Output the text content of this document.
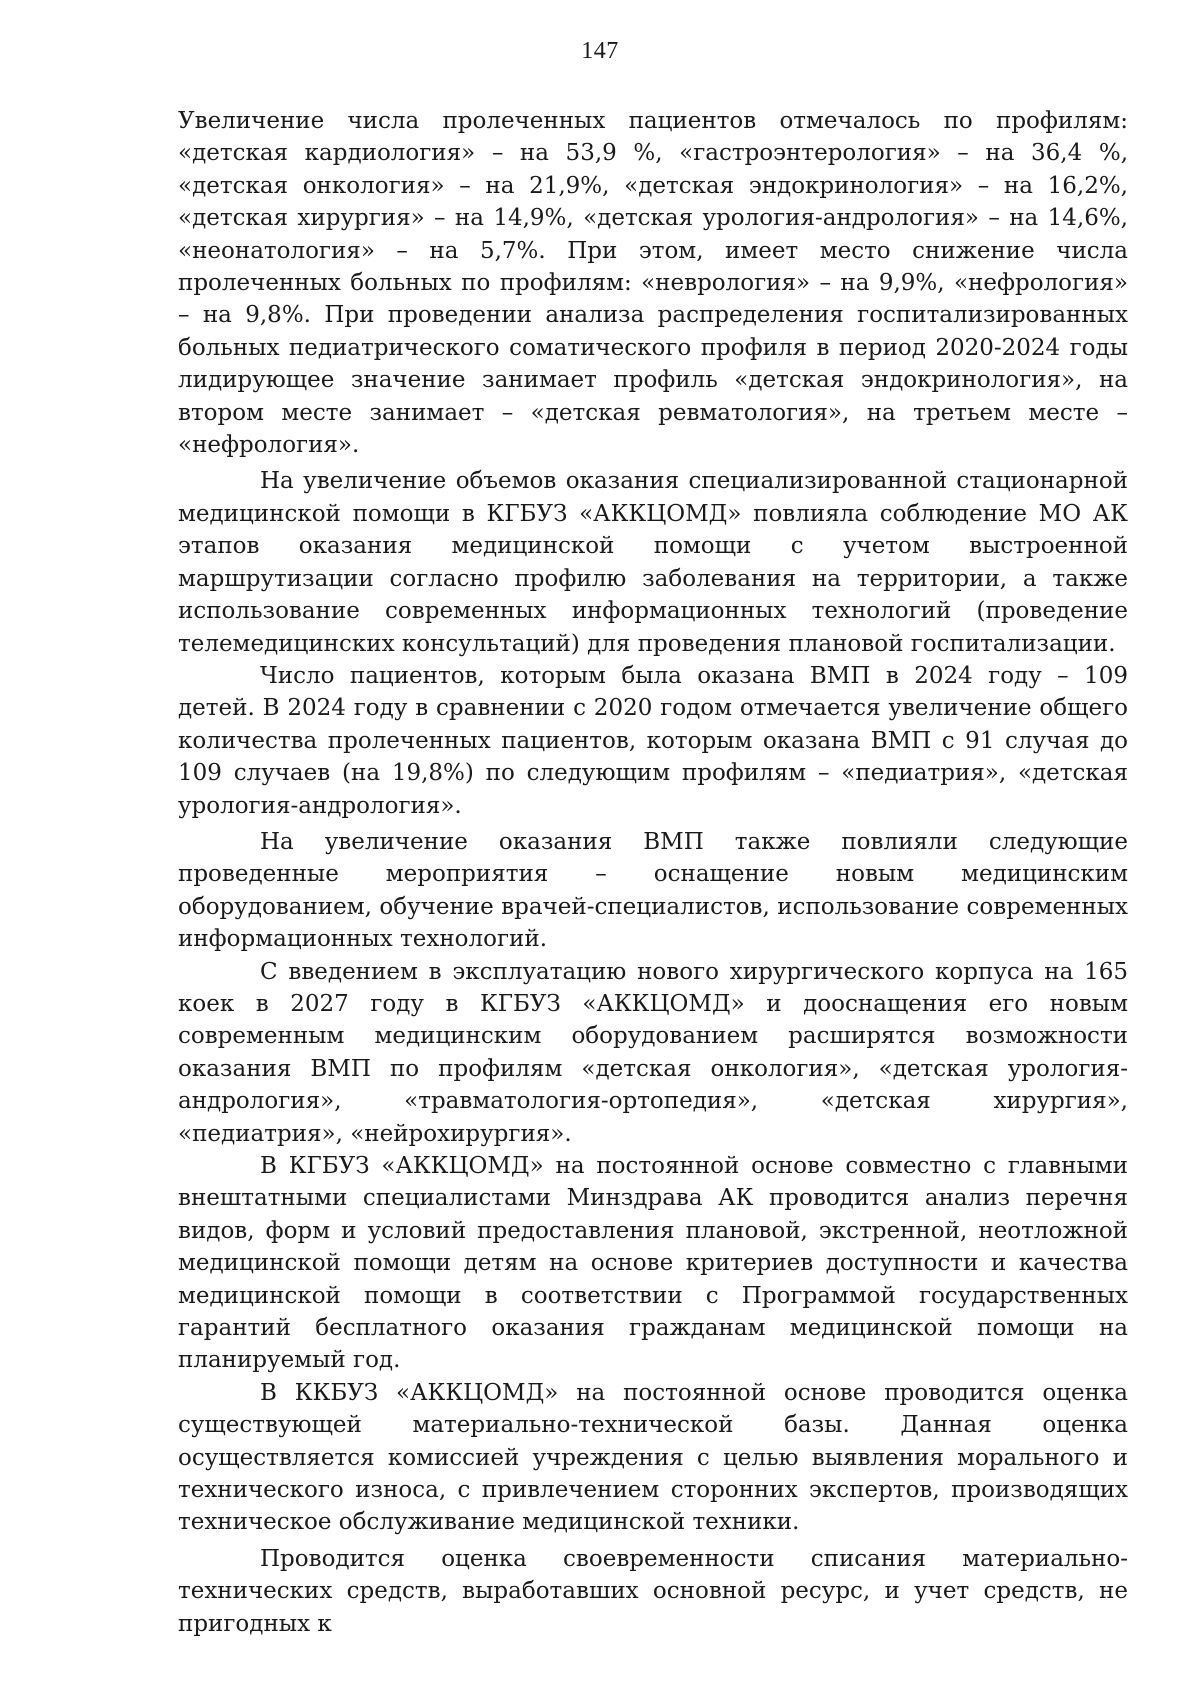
147

Увеличение числа пролеченных пациентов отмечалось по профилям: «детская кардиология» – на 53,9 %, «гастроэнтерология» – на 36,4 %, «детская онкология» – на 21,9%, «детская эндокринология» – на 16,2%, «детская хирургия» – на 14,9%, «детская урология-андрология» – на 14,6%, «неонатология» – на 5,7%. При этом, имеет место снижение числа пролеченных больных по профилям: «неврология» – на 9,9%, «нефрология» – на 9,8%. При проведении анализа распределения госпитализированных больных педиатрического соматического профиля в период 2020-2024 годы лидирующее значение занимает профиль «детская эндокринология», на втором месте занимает – «детская ревматология», на третьем месте – «нефрология».

На увеличение объемов оказания специализированной стационарной медицинской помощи в КГБУЗ «АККЦОМД» повлияла соблюдение МО АК этапов оказания медицинской помощи с учетом выстроенной маршрутизации согласно профилю заболевания на территории, а также использование современных информационных технологий (проведение телемедицинских консультаций) для проведения плановой госпитализации.

Число пациентов, которым была оказана ВМП в 2024 году – 109 детей. В 2024 году в сравнении с 2020 годом отмечается увеличение общего количества пролеченных пациентов, которым оказана ВМП с 91 случая до 109 случаев (на 19,8%) по следующим профилям – «педиатрия», «детская урология-андрология».

На увеличение оказания ВМП также повлияли следующие проведенные мероприятия – оснащение новым медицинским оборудованием, обучение врачей-специалистов, использование современных информационных технологий.

С введением в эксплуатацию нового хирургического корпуса на 165 коек в 2027 году в КГБУЗ «АККЦОМД» и дооснащения его новым современным медицинским оборудованием расширятся возможности оказания ВМП по профилям «детская онкология», «детская урология-андрология», «травматология-ортопедия», «детская хирургия», «педиатрия», «нейрохирургия».

В КГБУЗ «АККЦОМД» на постоянной основе совместно с главными внештатными специалистами Минздрава АК проводится анализ перечня видов, форм и условий предоставления плановой, экстренной, неотложной медицинской помощи детям на основе критериев доступности и качества медицинской помощи в соответствии с Программой государственных гарантий бесплатного оказания гражданам медицинской помощи на планируемый год.

В ККБУЗ «АККЦОМД» на постоянной основе проводится оценка существующей материально-технической базы. Данная оценка осуществляется комиссией учреждения с целью выявления морального и технического износа, с привлечением сторонних экспертов, производящих техническое обслуживание медицинской техники.

Проводится оценка своевременности списания материально-технических средств, выработавших основной ресурс, и учет средств, не пригодных к
